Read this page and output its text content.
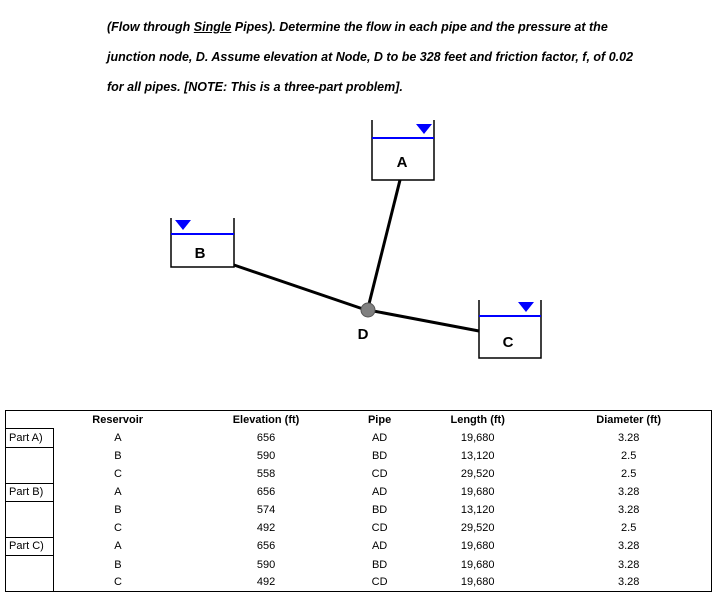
(Flow through Single Pipes). Determine the flow in each pipe and the pressure at the
junction node, D. Assume elevation at Node, D to be 328 feet and friction factor, f, of 0.02
for all pipes. [NOTE: This is a three-part problem].
A
B
C
D
	Reservoir	Elevation (ft)	Pipe	Length (ft)	Diameter (ft)
Part A)	A	656	AD	19,680	3.28
	B	590	BD	13,120	2.5
	C	558	CD	29,520	2.5
Part B)	A	656	AD	19,680	3.28
	B	574	BD	13,120	3.28
	C	492	CD	29,520	2.5
Part C)	A	656	AD	19,680	3.28
	B	590	BD	19,680	3.28
	C	492	CD	19,680	3.28
